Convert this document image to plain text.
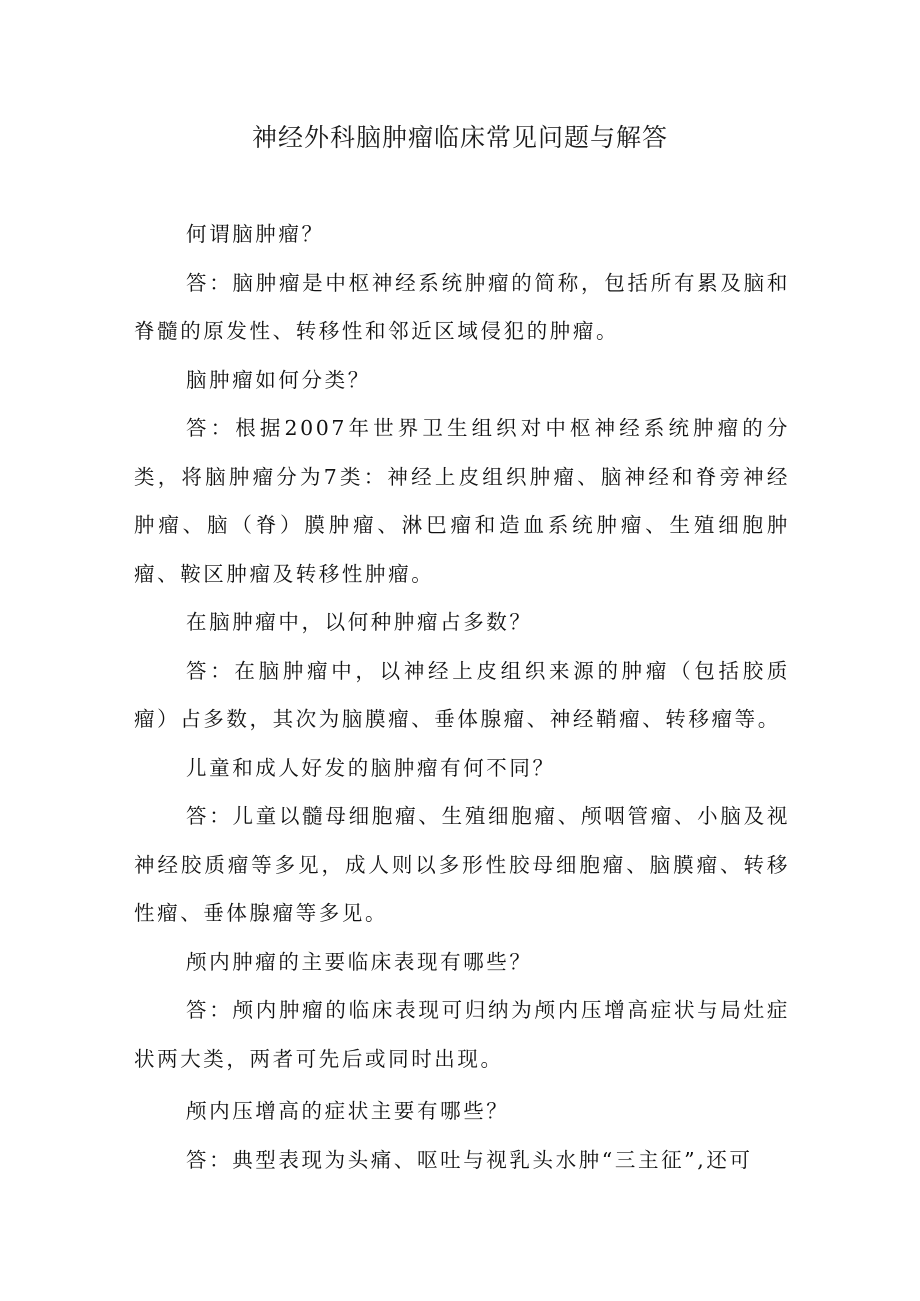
神经外科脑肿瘤临床常见问题与解答

何谓脑肿瘤？

答：脑肿瘤是中枢神经系统肿瘤的简称，包括所有累及脑和脊髓的原发性、转移性和邻近区域侵犯的肿瘤。

脑肿瘤如何分类？

答：根据2007年世界卫生组织对中枢神经系统肿瘤的分类，将脑肿瘤分为7类：神经上皮组织肿瘤、脑神经和脊旁神经肿瘤、脑（脊）膜肿瘤、淋巴瘤和造血系统肿瘤、生殖细胞肿瘤、鞍区肿瘤及转移性肿瘤。

在脑肿瘤中，以何种肿瘤占多数？

答：在脑肿瘤中，以神经上皮组织来源的肿瘤（包括胶质瘤）占多数，其次为脑膜瘤、垂体腺瘤、神经鞘瘤、转移瘤等。

儿童和成人好发的脑肿瘤有何不同？

答：儿童以髓母细胞瘤、生殖细胞瘤、颅咽管瘤、小脑及视神经胶质瘤等多见，成人则以多形性胶母细胞瘤、脑膜瘤、转移性瘤、垂体腺瘤等多见。

颅内肿瘤的主要临床表现有哪些？

答：颅内肿瘤的临床表现可归纳为颅内压增高症状与局灶症状两大类，两者可先后或同时出现。

颅内压增高的症状主要有哪些？

答：典型表现为头痛、呕吐与视乳头水肿“三主征”,还可
